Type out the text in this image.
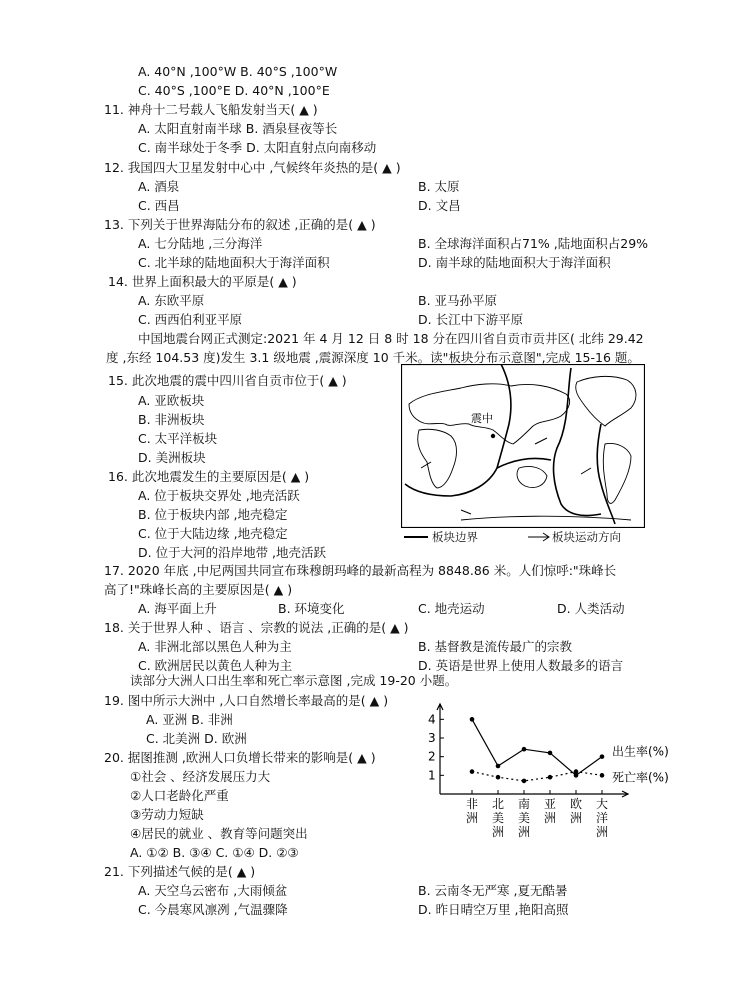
A. 40°N ,100°W B. 40°S ,100°W
C. 40°S ,100°E D. 40°N ,100°E
11. 神舟十二号载人飞船发射当天( ▲ )
A. 太阳直射南半球 B. 酒泉昼夜等长
C. 南半球处于冬季 D. 太阳直射点向南移动
12. 我国四大卫星发射中心中 ,气候终年炎热的是( ▲ )
A. 酒泉	B. 太原
C. 西昌	D. 文昌
13. 下列关于世界海陆分布的叙述 ,正确的是( ▲ )
A. 七分陆地 ,三分海洋	B. 全球海洋面积占71% ,陆地面积占29%
C. 北半球的陆地面积大于海洋面积	D. 南半球的陆地面积大于海洋面积
14. 世界上面积最大的平原是( ▲ )
A. 东欧平原	B. 亚马孙平原
C. 西西伯利亚平原	D. 长江中下游平原
中国地震台网正式测定:2021 年 4 月 12 日 8 时 18 分在四川省自贡市贡井区( 北纬 29.42
度 ,东经 104.53 度)发生 3.1 级地震 ,震源深度 10 千米。读"板块分布示意图",完成 15-16 题。
15. 此次地震的震中四川省自贡市位于( ▲ )
A. 亚欧板块
B. 非洲板块
C. 太平洋板块
D. 美洲板块
16. 此次地震发生的主要原因是( ▲ )
A. 位于板块交界处 ,地壳活跃
B. 位于板块内部 ,地壳稳定
C. 位于大陆边缘 ,地壳稳定
D. 位于大河的沿岸地带 ,地壳活跃
17. 2020 年底 ,中尼两国共同宣布珠穆朗玛峰的最新高程为 8848.86 米。人们惊呼:"珠峰长
高了!"珠峰长高的主要原因是( ▲ )
A. 海平面上升	B. 环境变化	C. 地壳运动	D. 人类活动
18. 关于世界人种 、语言 、宗教的说法 ,正确的是( ▲ )
A. 非洲北部以黑色人种为主	B. 基督教是流传最广的宗教
C. 欧洲居民以黄色人种为主	D. 英语是世界上使用人数最多的语言
读部分大洲人口出生率和死亡率示意图 ,完成 19-20 小题。
19. 图中所示大洲中 ,人口自然增长率最高的是( ▲ )
A. 亚洲 B. 非洲
C. 北美洲 D. 欧洲
20. 据图推测 ,欧洲人口负增长带来的影响是( ▲ )
①社会 、经济发展压力大
②人口老龄化严重
③劳动力短缺
④居民的就业 、教育等问题突出
A. ①② B. ③④ C. ①④ D. ②③
21. 下列描述气候的是( ▲ )
A. 天空乌云密布 ,大雨倾盆	B. 云南冬无严寒 ,夏无酷暑
C. 今晨寒风凛冽 ,气温骤降	D. 昨日晴空万里 ,艳阳高照
震中
板块边界	板块运动方向
1
2
3
4
非
洲
北
美
洲
南
美
洲
亚
洲
欧
洲
大
洋
洲
出生率(%)
死亡率(%)
